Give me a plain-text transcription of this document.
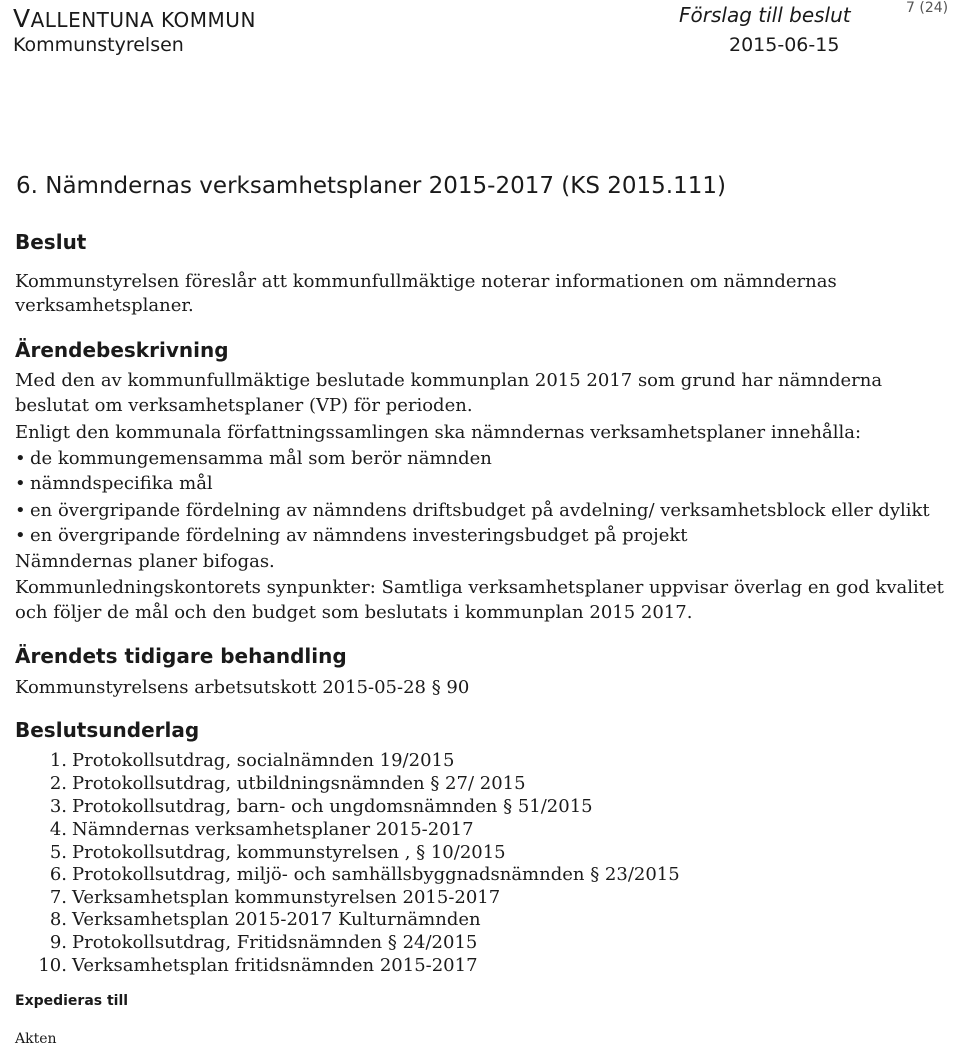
VALLENTUNA KOMMUN
Kommunstyrelsen
Förslag till beslut
2015-06-15
7 (24)
6. Nämndernas verksamhetsplaner 2015-2017 (KS 2015.111)
Beslut
Kommunstyrelsen föreslår att kommunfullmäktige noterar informationen om nämndernas
verksamhetsplaner.
Ärendebeskrivning
Med den av kommunfullmäktige beslutade kommunplan 2015 2017 som grund har nämnderna
beslutat om verksamhetsplaner (VP) för perioden.
Enligt den kommunala författningssamlingen ska nämndernas verksamhetsplaner innehålla:
• de kommungemensamma mål som berör nämnden
• nämndspecifika mål
• en övergripande fördelning av nämndens driftsbudget på avdelning/ verksamhetsblock eller dylikt
• en övergripande fördelning av nämndens investeringsbudget på projekt
Nämndernas planer bifogas.
Kommunledningskontorets synpunkter: Samtliga verksamhetsplaner uppvisar överlag en god kvalitet
och följer de mål och den budget som beslutats i kommunplan 2015 2017.
Ärendets tidigare behandling
Kommunstyrelsens arbetsutskott 2015-05-28 § 90
Beslutsunderlag
1. Protokollsutdrag, socialnämnden 19/2015
2. Protokollsutdrag, utbildningsnämnden § 27/ 2015
3. Protokollsutdrag, barn- och ungdomsnämnden § 51/2015
4. Nämndernas verksamhetsplaner 2015-2017
5. Protokollsutdrag, kommunstyrelsen , § 10/2015
6. Protokollsutdrag, miljö- och samhällsbyggnadsnämnden § 23/2015
7. Verksamhetsplan kommunstyrelsen 2015-2017
8. Verksamhetsplan 2015-2017 Kulturnämnden
9. Protokollsutdrag, Fritidsnämnden § 24/2015
10. Verksamhetsplan fritidsnämnden 2015-2017
Expedieras till
Akten
